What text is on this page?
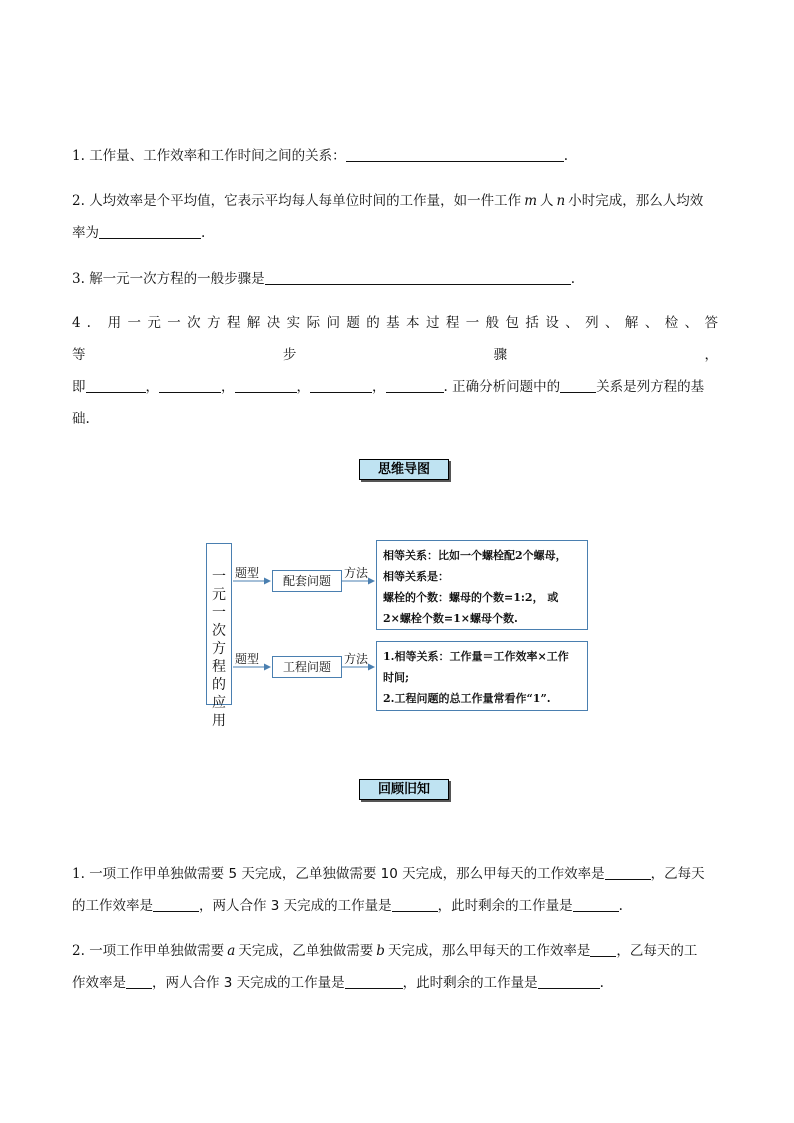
1. 工作量、工作效率和工作时间之间的关系：	.
2. 人均效率是个平均值，它表示平均每人每单位时间的工作量，如一件工作 m 人 n 小时完成，那么人均效
率为	.
3. 解一元一次方程的一般步骤是	.
4. 用一元一次方程解决实际问题的基本过程一般包括设、列、解、检、答等步骤，
即	，	，	，	，	. 正确分析问题中的	关系是列方程的基
础.
思维导图
一
元
一
次
方
程
的
应
用
题型
配套问题
方法
相等关系：比如一个螺栓配2个螺母，
相等关系是：
螺栓的个数：螺母的个数=1:2， 或
2×螺栓个数=1×螺母个数.
题型
工程问题
方法 1.相等关系：工作量＝工作效率×工作
时间;
2.工程问题的总工作量常看作“1”.
回顾旧知
1. 一项工作甲单独做需要 5 天完成，乙单独做需要 10 天完成，那么甲每天的工作效率是	，乙每天
的工作效率是	，两人合作 3 天完成的工作量是	，此时剩余的工作量是	.
2. 一项工作甲单独做需要 a 天完成，乙单独做需要 b 天完成，那么甲每天的工作效率是 ，乙每天的工
作效率是 ，两人合作 3 天完成的工作量是	，此时剩余的工作量是	.
